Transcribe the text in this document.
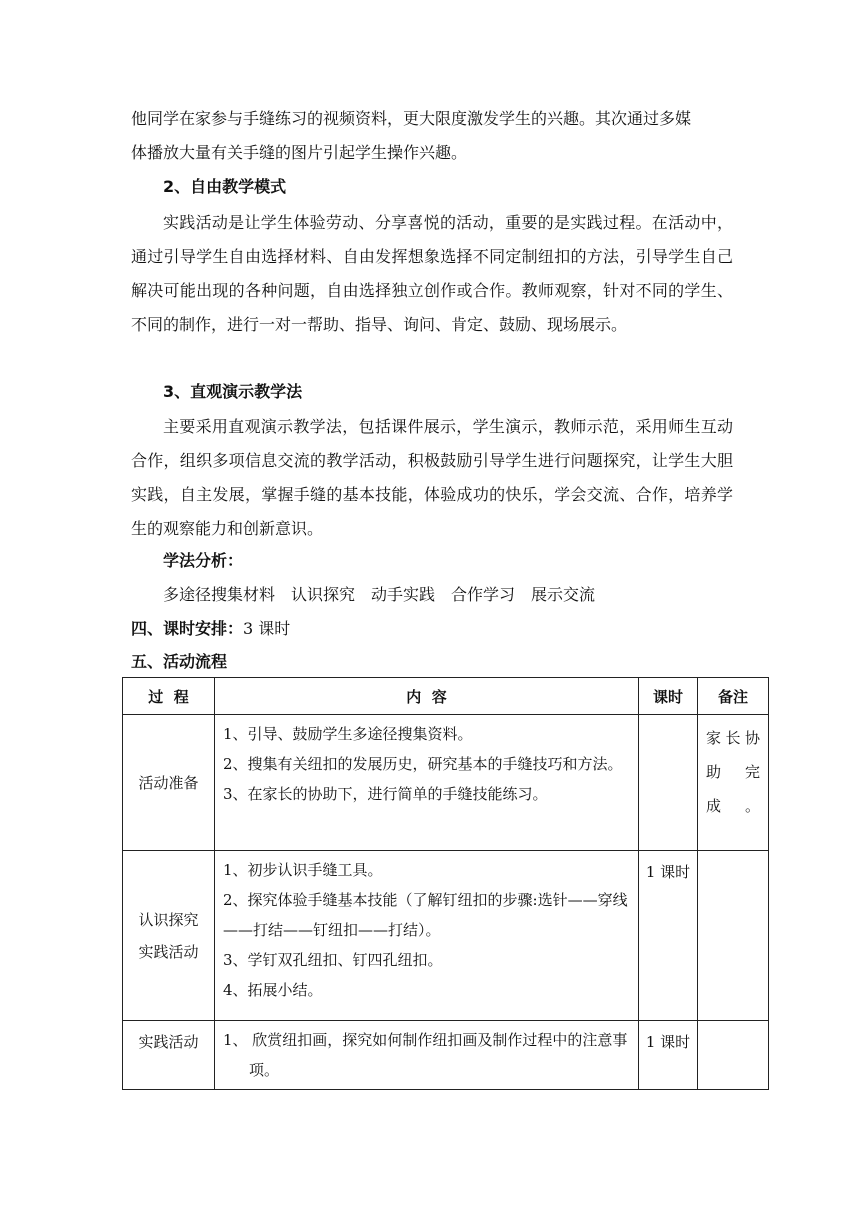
他同学在家参与手缝练习的视频资料，更大限度激发学生的兴趣。其次通过多媒
体播放大量有关手缝的图片引起学生操作兴趣。
2、自由教学模式
实践活动是让学生体验劳动、分享喜悦的活动，重要的是实践过程。在活动中，通过引导学生自由选择材料、自由发挥想象选择不同定制纽扣的方法，引导学生自己解决可能出现的各种问题，自由选择独立创作或合作。教师观察，针对不同的学生、不同的制作，进行一对一帮助、指导、询问、肯定、鼓励、现场展示。
3、直观演示教学法
主要采用直观演示教学法，包括课件展示，学生演示，教师示范，采用师生互动合作，组织多项信息交流的教学活动，积极鼓励引导学生进行问题探究，让学生大胆实践，自主发展，掌握手缝的基本技能，体验成功的快乐，学会交流、合作，培养学生的观察能力和创新意识。
学法分析：
多途径搜集材料　认识探究　动手实践　合作学习　展示交流
四、课时安排：3 课时
五、活动流程
过  程	内  容	课时	备注

活动准备	1、引导、鼓励学生多途径搜集资料。
2、搜集有关纽扣的发展历史，研究基本的手缝技巧和方法。
3、在家长的协助下，进行简单的手缝技能练习。		家长协助完成。

认识探究实践活动	1、初步认识手缝工具。
2、探究体验手缝基本技能（了解钉纽扣的步骤:选针——穿线——打结——钉纽扣——打结）。
3、学钉双孔纽扣、钉四孔纽扣。
4、拓展小结。	1 课时	

实践活动	1、 欣赏纽扣画，探究如何制作纽扣画及制作过程中的注意事项。	1 课时	
